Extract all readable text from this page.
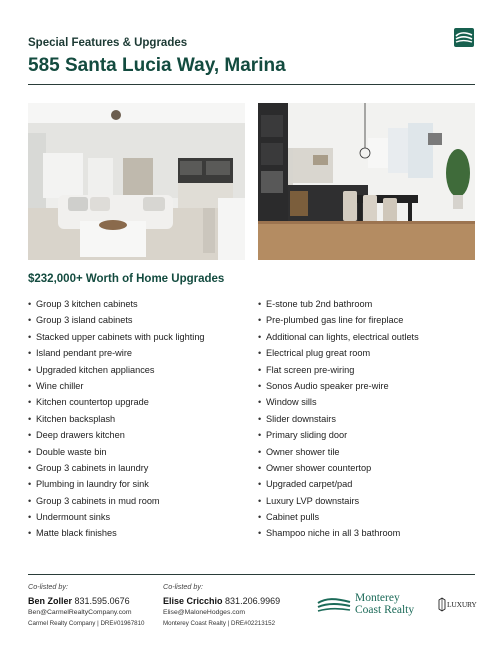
Special Features & Upgrades
585 Santa Lucia Way, Marina
$232,000+ Worth of Home Upgrades
• Group 3 kitchen cabinets
• Group 3 island cabinets
• Stacked upper cabinets with puck lighting
• Island pendant pre-wire
• Upgraded kitchen appliances
• Wine chiller
• Kitchen countertop upgrade
• Kitchen backsplash
• Deep drawers kitchen
• Double waste bin
• Group 3 cabinets in laundry
• Plumbing in laundry for sink
• Group 3 cabinets in mud room
• Undermount sinks
• Matte black finishes
• E-stone tub 2nd bathroom
• Pre-plumbed gas line for fireplace
• Additional can lights, electrical outlets
• Electrical plug great room
• Flat screen pre-wiring
• Sonos Audio speaker pre-wire
• Window sills
• Slider downstairs
• Primary sliding door
• Owner shower tile
• Owner shower countertop
• Upgraded carpet/pad
• Luxury LVP downstairs
• Cabinet pulls
• Shampoo niche in all 3 bathroom
Co-listed by:
Ben Zoller 831.595.0676
Ben@CarmelRealtyCompany.com
Carmel Realty Company | DRE#01967810
Co-listed by:
Elise Cricchio 831.206.9969
Elise@MaloneHodges.com
Monterey Coast Realty | DRE#02213152
Monterey
Coast Realty	LUXURY
